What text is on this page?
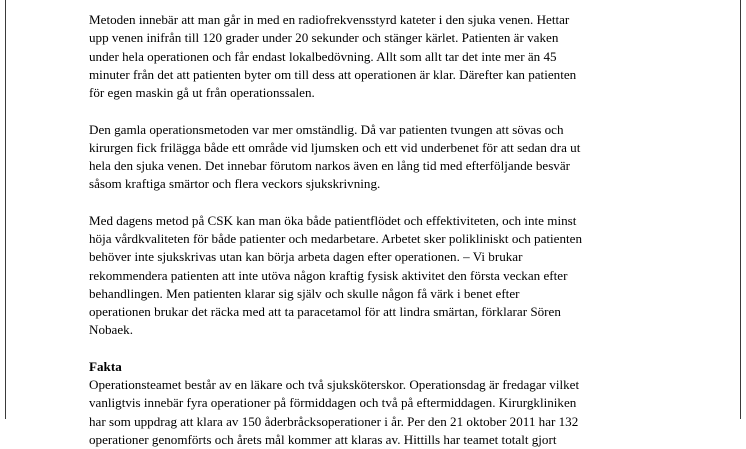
Metoden innebär att man går in med en radiofrekvensstyrd kateter i den sjuka venen. Hettar
upp venen inifrån till 120 grader under 20 sekunder och stänger kärlet. Patienten är vaken
under hela operationen och får endast lokalbedövning. Allt som allt tar det inte mer än 45
minuter från det att patienten byter om till dess att operationen är klar. Därefter kan patienten
för egen maskin gå ut från operationssalen.

Den gamla operationsmetoden var mer omständlig. Då var patienten tvungen att sövas och
kirurgen fick frilägga både ett område vid ljumsken och ett vid underbenet för att sedan dra ut
hela den sjuka venen. Det innebar förutom narkos även en lång tid med efterföljande besvär
såsom kraftiga smärtor och flera veckors sjukskrivning.

Med dagens metod på CSK kan man öka både patientflödet och effektiviteten, och inte minst
höja vårdkvaliteten för både patienter och medarbetare. Arbetet sker polikliniskt och patienten
behöver inte sjukskrivas utan kan börja arbeta dagen efter operationen. – Vi brukar
rekommendera patienten att inte utöva någon kraftig fysisk aktivitet den första veckan efter
behandlingen. Men patienten klarar sig själv och skulle någon få värk i benet efter
operationen brukar det räcka med att ta paracetamol för att lindra smärtan, förklarar Sören
Nobaek.

Fakta
Operationsteamet består av en läkare och två sjuksköterskor. Operationsdag är fredagar vilket
vanligtvis innebär fyra operationer på förmiddagen och två på eftermiddagen. Kirurgkliniken
har som uppdrag att klara av 150 åderbråcksoperationer i år. Per den 21 oktober 2011 har 132
operationer genomförts och årets mål kommer att klaras av. Hittills har teamet totalt gjort
